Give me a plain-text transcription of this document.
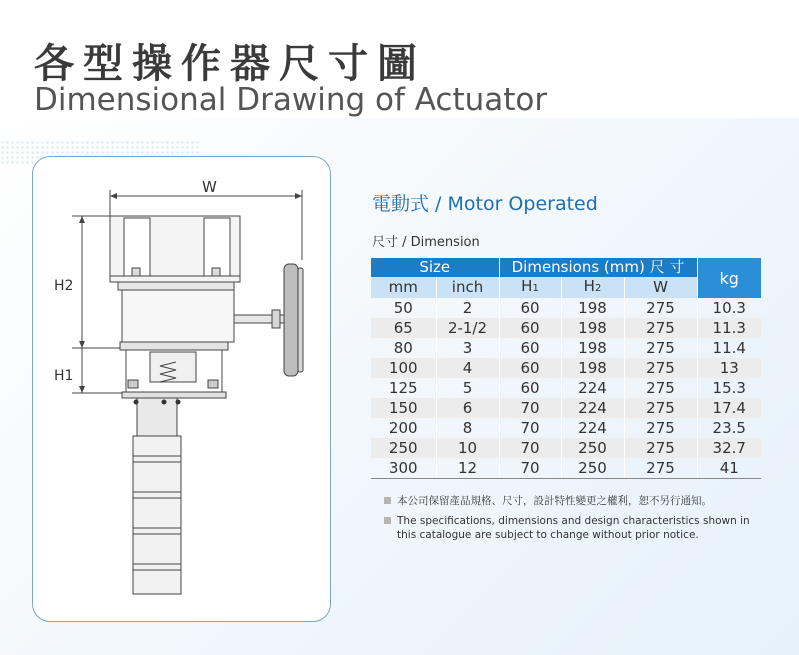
各型操作器尺寸圖
Dimensional Drawing of Actuator
W
H2
H1
電動式 / Motor Operated
尺寸 / Dimension
Size		Dimensions (mm) 尺 寸			kg
mm	inch	H1	H2	W	
50	2	60	198	275	10.3
65	2-1/2	60	198	275	11.3
80	3	60	198	275	11.4
100	4	60	198	275	13
125	5	60	224	275	15.3
150	6	70	224	275	17.4
200	8	70	224	275	23.5
250	10	70	250	275	32.7
300	12	70	250	275	41
本公司保留產品規格、尺寸，設計特性變更之權利，恕不另行通知。
The specifications, dimensions and design characteristics shown in this catalogue are subject to change without prior notice.
